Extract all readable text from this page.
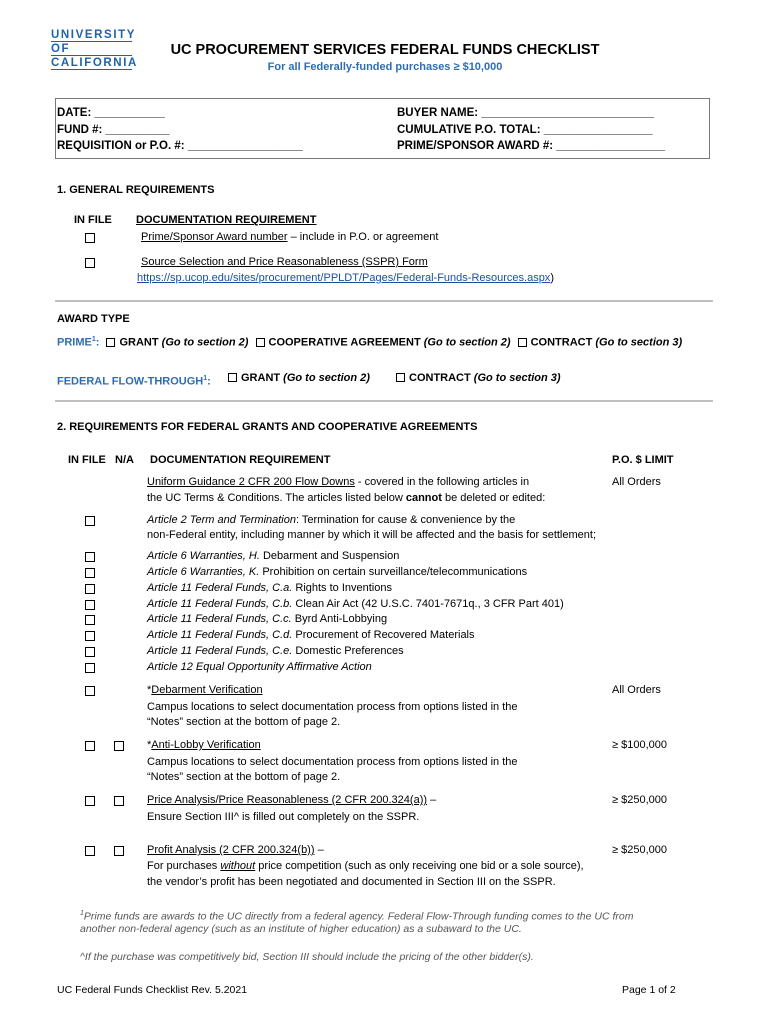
UNIVERSITY
OF
CALIFORNIA
UC PROCUREMENT SERVICES FEDERAL FUNDS CHECKLIST
For all Federally-funded purchases ≥ $10,000
DATE: ___________
FUND #: __________
REQUISITION or P.O. #: __________________
BUYER NAME: ___________________________
CUMULATIVE P.O. TOTAL: _________________
PRIME/SPONSOR AWARD #: _________________
1. GENERAL REQUIREMENTS
IN FILE DOCUMENTATION REQUIREMENT
Prime/Sponsor Award number – include in P.O. or agreement
Source Selection and Price Reasonableness (SSPR) Form
https://sp.ucop.edu/sites/procurement/PPLDT/Pages/Federal-Funds-Resources.aspx)
AWARD TYPE
PRIME$^1$: GRANT (Go to section 2) COOPERATIVE AGREEMENT (Go to section 2) CONTRACT (Go to section 3)
FEDERAL FLOW-THROUGH$^1$:	GRANT (Go to section 2)	CONTRACT (Go to section 3)
2. REQUIREMENTS FOR FEDERAL GRANTS AND COOPERATIVE AGREEMENTS
IN FILE N/A DOCUMENTATION REQUIREMENT	P.O. $ LIMIT
Uniform Guidance 2 CFR 200 Flow Downs - covered in the following articles in
the UC Terms & Conditions. The articles listed below cannot be deleted or edited:
All Orders
Article 2 Term and Termination: Termination for cause & convenience by the
non-Federal entity, including manner by which it will be affected and the basis for settlement;
Article 6 Warranties, H. Debarment and Suspension
Article 6 Warranties, K. Prohibition on certain surveillance/telecommunications
Article 11 Federal Funds, C.a. Rights to Inventions
Article 11 Federal Funds, C.b. Clean Air Act (42 U.S.C. 7401-7671q., 3 CFR Part 401)
Article 11 Federal Funds, C.c. Byrd Anti-Lobbying
Article 11 Federal Funds, C.d. Procurement of Recovered Materials
Article 11 Federal Funds, C.e. Domestic Preferences
Article 12 Equal Opportunity Affirmative Action
*Debarment Verification
Campus locations to select documentation process from options listed in the
“Notes” section at the bottom of page 2.
All Orders
*Anti-Lobby Verification
Campus locations to select documentation process from options listed in the
“Notes” section at the bottom of page 2.
≥ $100,000
Price Analysis/Price Reasonableness (2 CFR 200.324(a)) –
Ensure Section III^ is filled out completely on the SSPR.
≥ $250,000
Profit Analysis (2 CFR 200.324(b)) –
For purchases without price competition (such as only receiving one bid or a sole source),
the vendor’s profit has been negotiated and documented in Section III on the SSPR.
≥ $250,000
$^1$Prime funds are awards to the UC directly from a federal agency. Federal Flow-Through funding comes to the UC from
another non-federal agency (such as an institute of higher education) as a subaward to the UC.
^If the purchase was competitively bid, Section III should include the pricing of the other bidder(s).
UC Federal Funds Checklist Rev. 5.2021	Page 1 of 2
